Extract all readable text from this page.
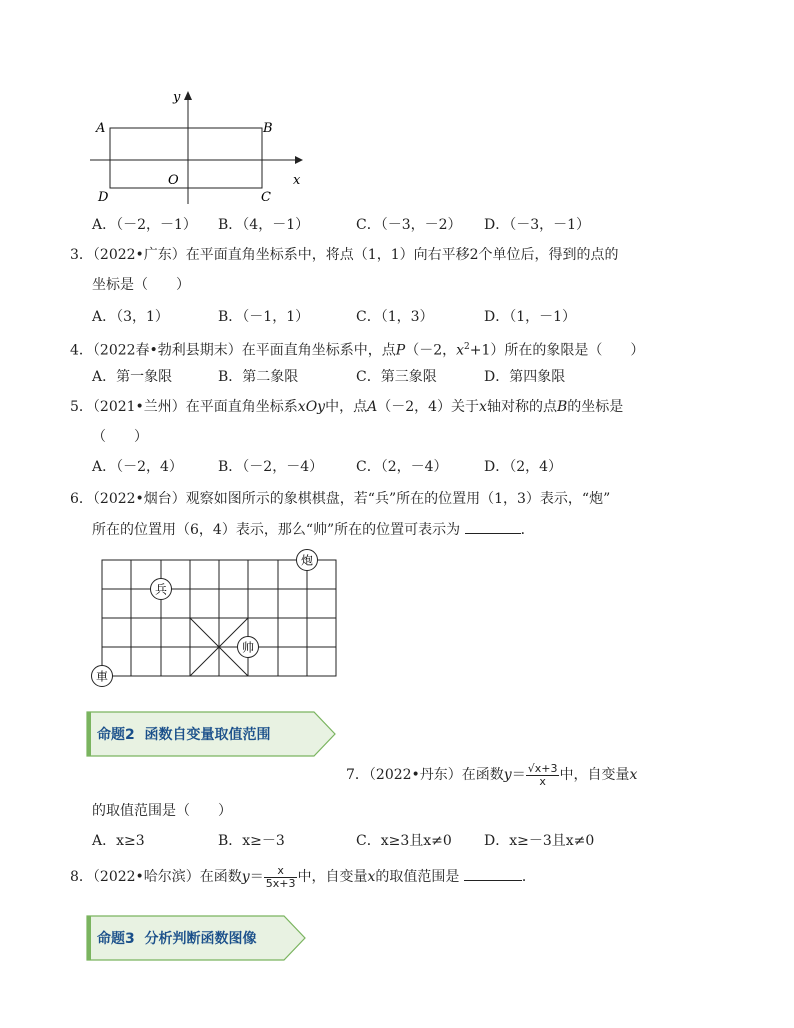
y
x
A	B
O
D	C
A．（－2，－1） B．（4，－1）	C．（－3，－2） D．（－3，－1）
3．（2022•广东）在平面直角坐标系中，将点（1，1）向右平移2个单位后，得到的点的
坐标是（　　）
A．（3，1）	B．（－1，1）	C．（1，3）	D．（1，－1）
4．（2022春•勃利县期末）在平面直角坐标系中，点P（－2，$x^2+1$）所在的象限是（　　）
A．第一象限	B．第二象限	C．第三象限	D．第四象限
5．（2021•兰州）在平面直角坐标系xOy中，点A（－2，4）关于x轴对称的点B的坐标是
（　　）
A．（－2，4）	B．（－2，－4） C．（2，－4）	D．（2，4）
6．（2022•烟台）观察如图所示的象棋棋盘，若“兵”所在的位置用（1，3）表示，“炮”
所在的位置用（6，4）表示，那么“帅”所在的位置可表示为	．
炮
兵
帅
車
命题2 函数自变量取值范围
7．（2022•丹东）在函数$y= \frac{√x+3}{x}$ 中，自变量x
的取值范围是（　　）
A．x≥3	B．x≥－3	C．x≥3且x≠0 D．x≥－3且x≠0
8．（2022•哈尔滨）在函数$y= \frac{x}{5x+3}$ 中，自变量x的取值范围是	．
命题3 分析判断函数图像
